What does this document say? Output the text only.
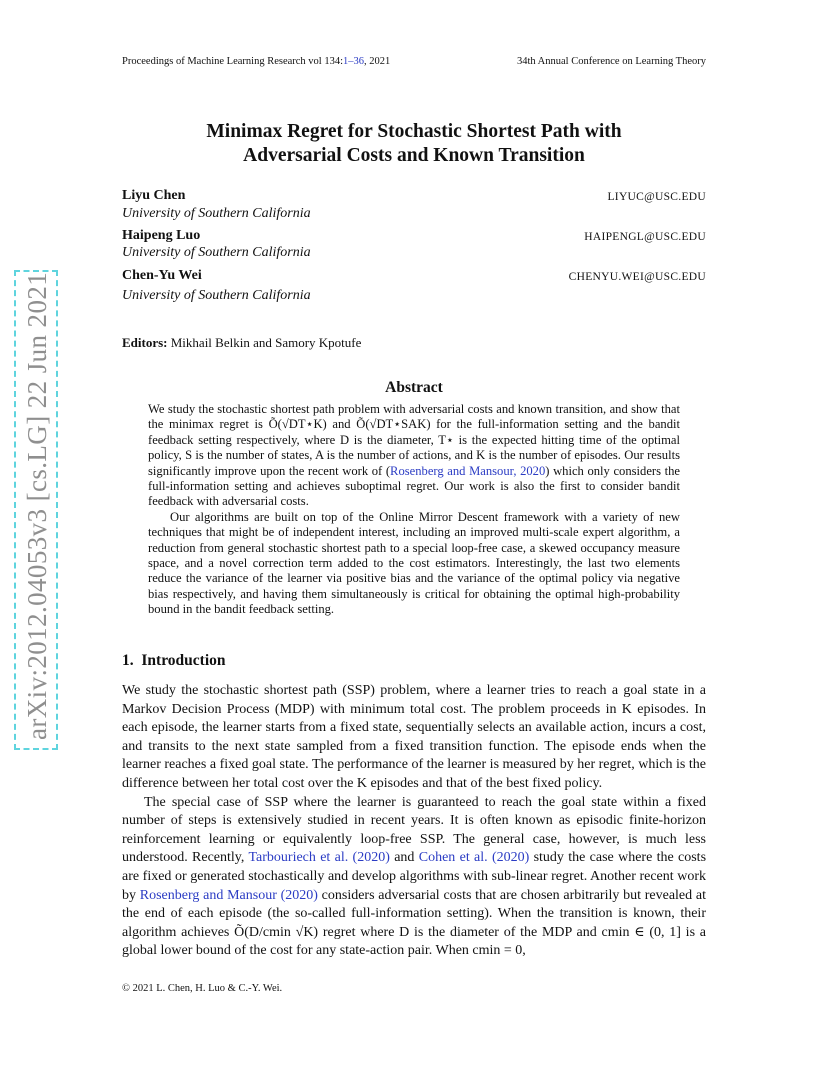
Proceedings of Machine Learning Research vol 134:1–36, 2021	34th Annual Conference on Learning Theory
Minimax Regret for Stochastic Shortest Path with
Adversarial Costs and Known Transition
Liyu Chen	LIYUC@USC.EDU
University of Southern California
Haipeng Luo	HAIPENGL@USC.EDU
University of Southern California
Chen-Yu Wei	CHENYU.WEI@USC.EDU
University of Southern California
Editors: Mikhail Belkin and Samory Kpotufe
Abstract

We study the stochastic shortest path problem with adversarial costs and known transition, and show that the minimax regret is Õ(√DT⋆K) and Õ(√DT⋆SAK) for the full-information setting and the bandit feedback setting respectively, where D is the diameter, T⋆ is the expected hitting time of the optimal policy, S is the number of states, A is the number of actions, and K is the number of episodes. Our results significantly improve upon the recent work of (Rosenberg and Mansour, 2020) which only considers the full-information setting and achieves suboptimal regret. Our work is also the first to consider bandit feedback with adversarial costs.

Our algorithms are built on top of the Online Mirror Descent framework with a variety of new techniques that might be of independent interest, including an improved multi-scale expert algorithm, a reduction from general stochastic shortest path to a special loop-free case, a skewed occupancy measure space, and a novel correction term added to the cost estimators. Interestingly, the last two elements reduce the variance of the learner via positive bias and the variance of the optimal policy via negative bias respectively, and having them simultaneously is critical for obtaining the optimal high-probability bound in the bandit feedback setting.

1. Introduction

We study the stochastic shortest path (SSP) problem, where a learner tries to reach a goal state in a Markov Decision Process (MDP) with minimum total cost. The problem proceeds in K episodes. In each episode, the learner starts from a fixed state, sequentially selects an available action, incurs a cost, and transits to the next state sampled from a fixed transition function. The episode ends when the learner reaches a fixed goal state. The performance of the learner is measured by her regret, which is the difference between her total cost over the K episodes and that of the best fixed policy.

The special case of SSP where the learner is guaranteed to reach the goal state within a fixed number of steps is extensively studied in recent years. It is often known as episodic finite-horizon reinforcement learning or equivalently loop-free SSP. The general case, however, is much less understood. Recently, Tarbouriech et al. (2020) and Cohen et al. (2020) study the case where the costs are fixed or generated stochastically and develop algorithms with sub-linear regret. Another recent work by Rosenberg and Mansour (2020) considers adversarial costs that are chosen arbitrarily but revealed at the end of each episode (the so-called full-information setting). When the transition is known, their algorithm achieves Õ(D/cmin √K) regret where D is the diameter of the MDP and cmin ∈ (0, 1] is a global lower bound of the cost for any state-action pair. When cmin = 0,

© 2021 L. Chen, H. Luo & C.-Y. Wei.
arXiv:2012.04053v3 [cs.LG] 22 Jun 2021
